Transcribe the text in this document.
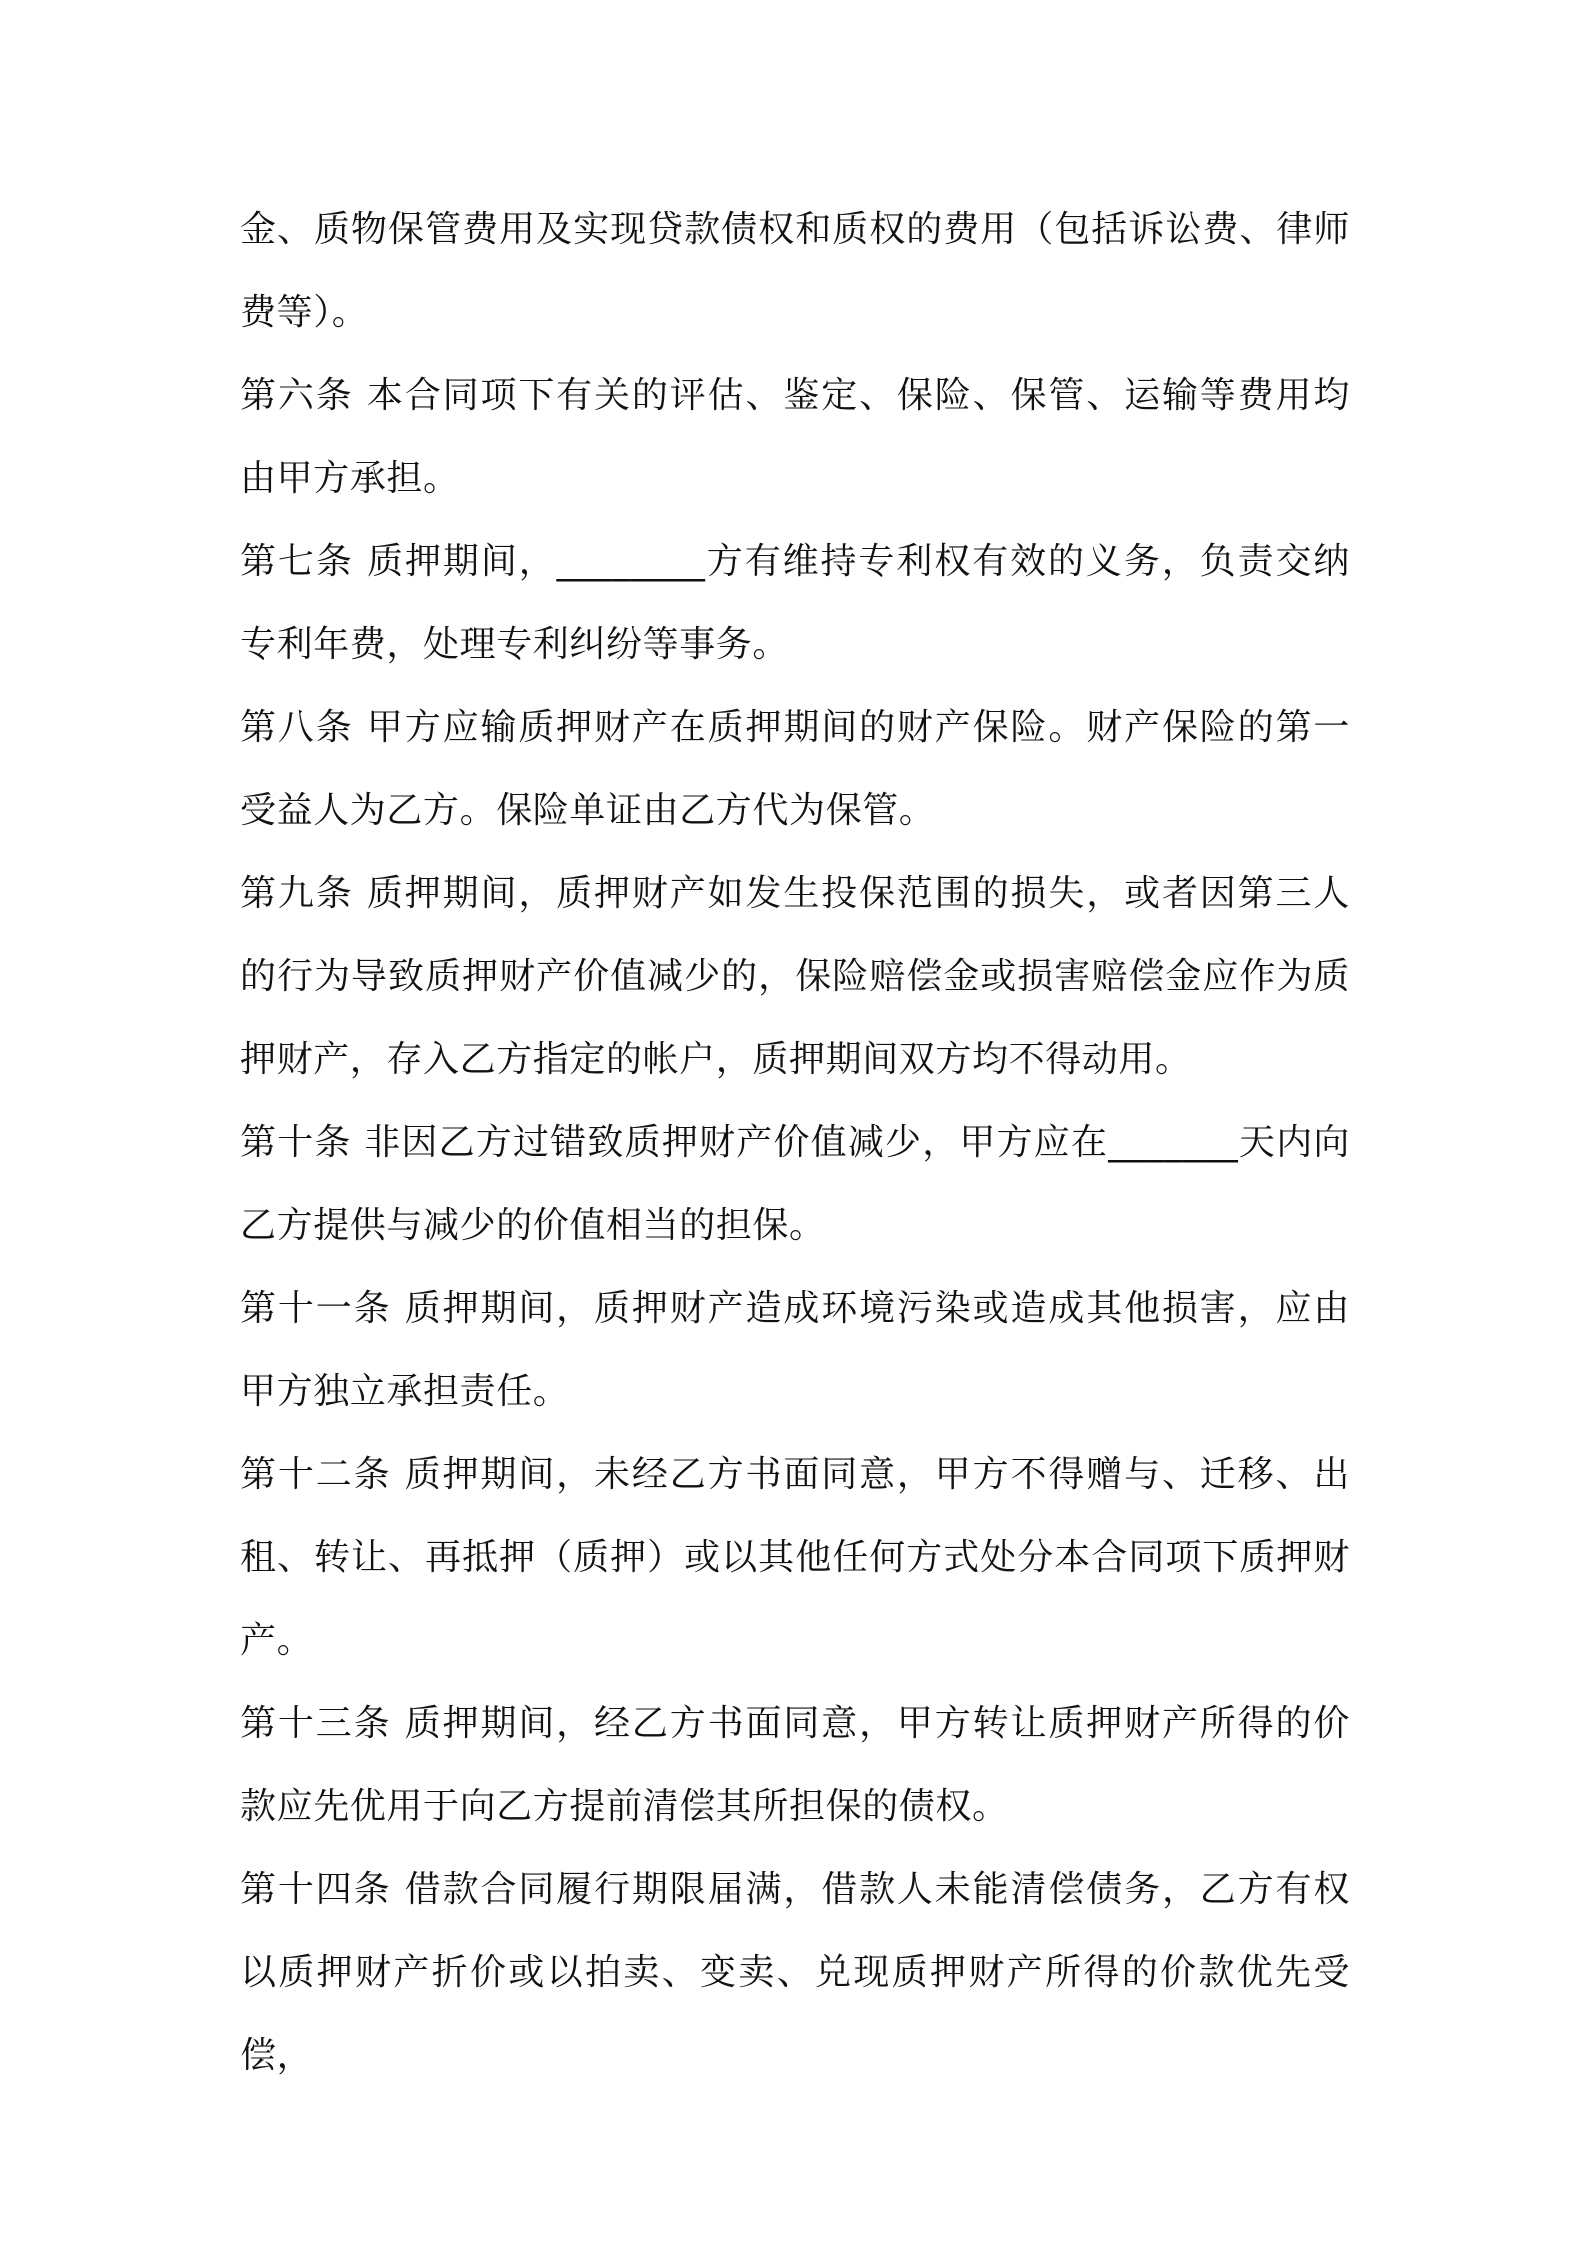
金、质物保管费用及实现贷款债权和质权的费用（包括诉讼费、律师费等）。

第六条 本合同项下有关的评估、鉴定、保险、保管、运输等费用均由甲方承担。

第七条 质押期间，________方有维持专利权有效的义务，负责交纳专利年费，处理专利纠纷等事务。

第八条 甲方应输质押财产在质押期间的财产保险。财产保险的第一受益人为乙方。保险单证由乙方代为保管。

第九条 质押期间，质押财产如发生投保范围的损失，或者因第三人的行为导致质押财产价值减少的，保险赔偿金或损害赔偿金应作为质押财产，存入乙方指定的帐户，质押期间双方均不得动用。

第十条 非因乙方过错致质押财产价值减少，甲方应在_______天内向乙方提供与减少的价值相当的担保。

第十一条 质押期间，质押财产造成环境污染或造成其他损害，应由甲方独立承担责任。

第十二条 质押期间，未经乙方书面同意，甲方不得赠与、迁移、出租、转让、再抵押（质押）或以其他任何方式处分本合同项下质押财产。

第十三条 质押期间，经乙方书面同意，甲方转让质押财产所得的价款应先优用于向乙方提前清偿其所担保的债权。

第十四条 借款合同履行期限届满，借款人未能清偿债务，乙方有权以质押财产折价或以拍卖、变卖、兑现质押财产所得的价款优先受偿，
